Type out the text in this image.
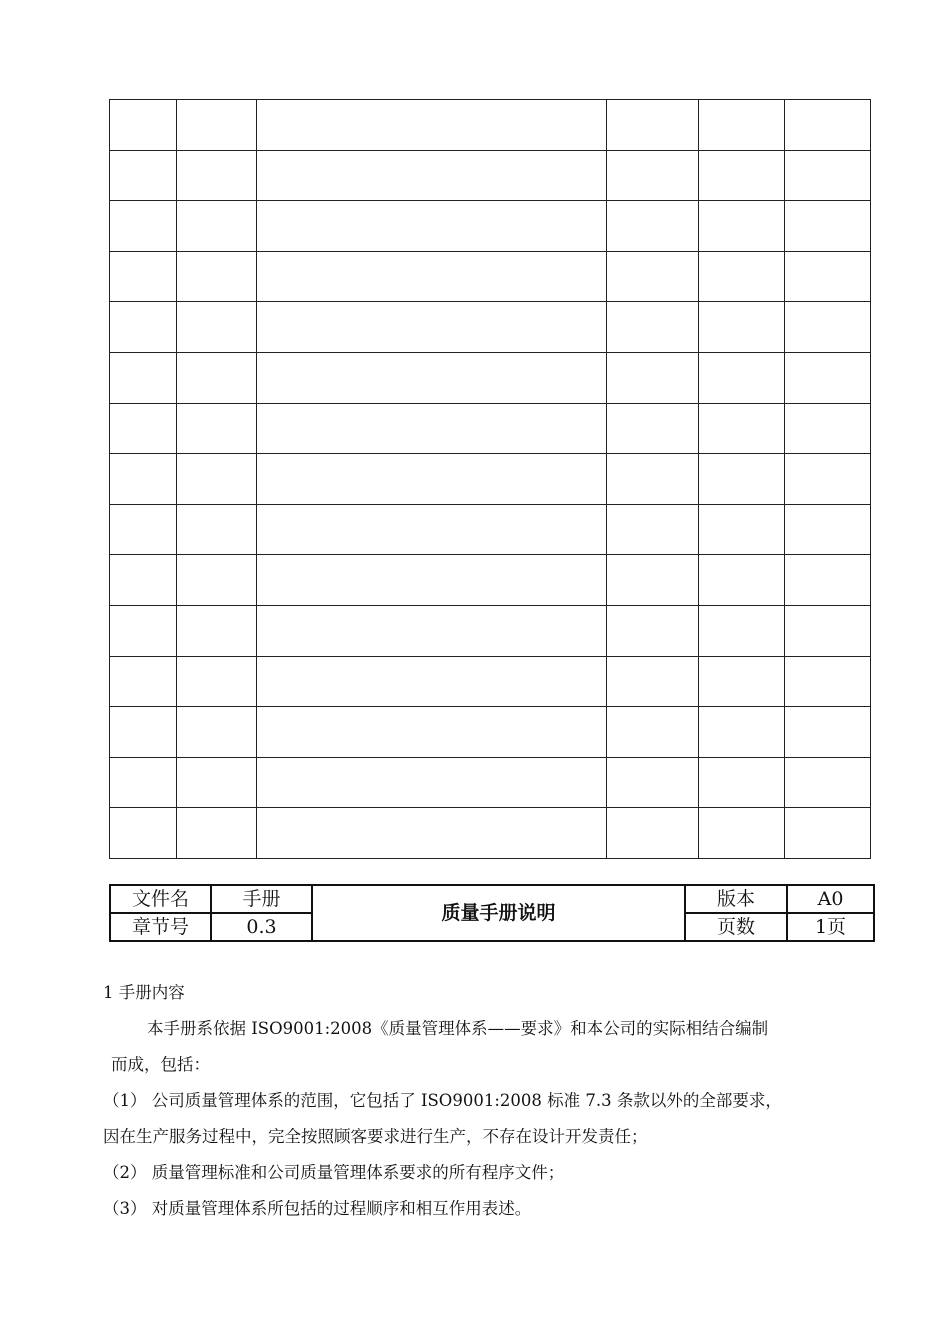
文件名	手册	质量手册说明	版本	A0
章节号	0.3		页数	1页
1 手册内容
本手册系依据 ISO9001:2008《质量管理体系——要求》和本公司的实际相结合编制
而成，包括：
（1） 公司质量管理体系的范围，它包括了 ISO9001:2008 标准 7.3 条款以外的全部要求，
因在生产服务过程中，完全按照顾客要求进行生产，不存在设计开发责任；
（2） 质量管理标准和公司质量管理体系要求的所有程序文件；
（3） 对质量管理体系所包括的过程顺序和相互作用表述。
